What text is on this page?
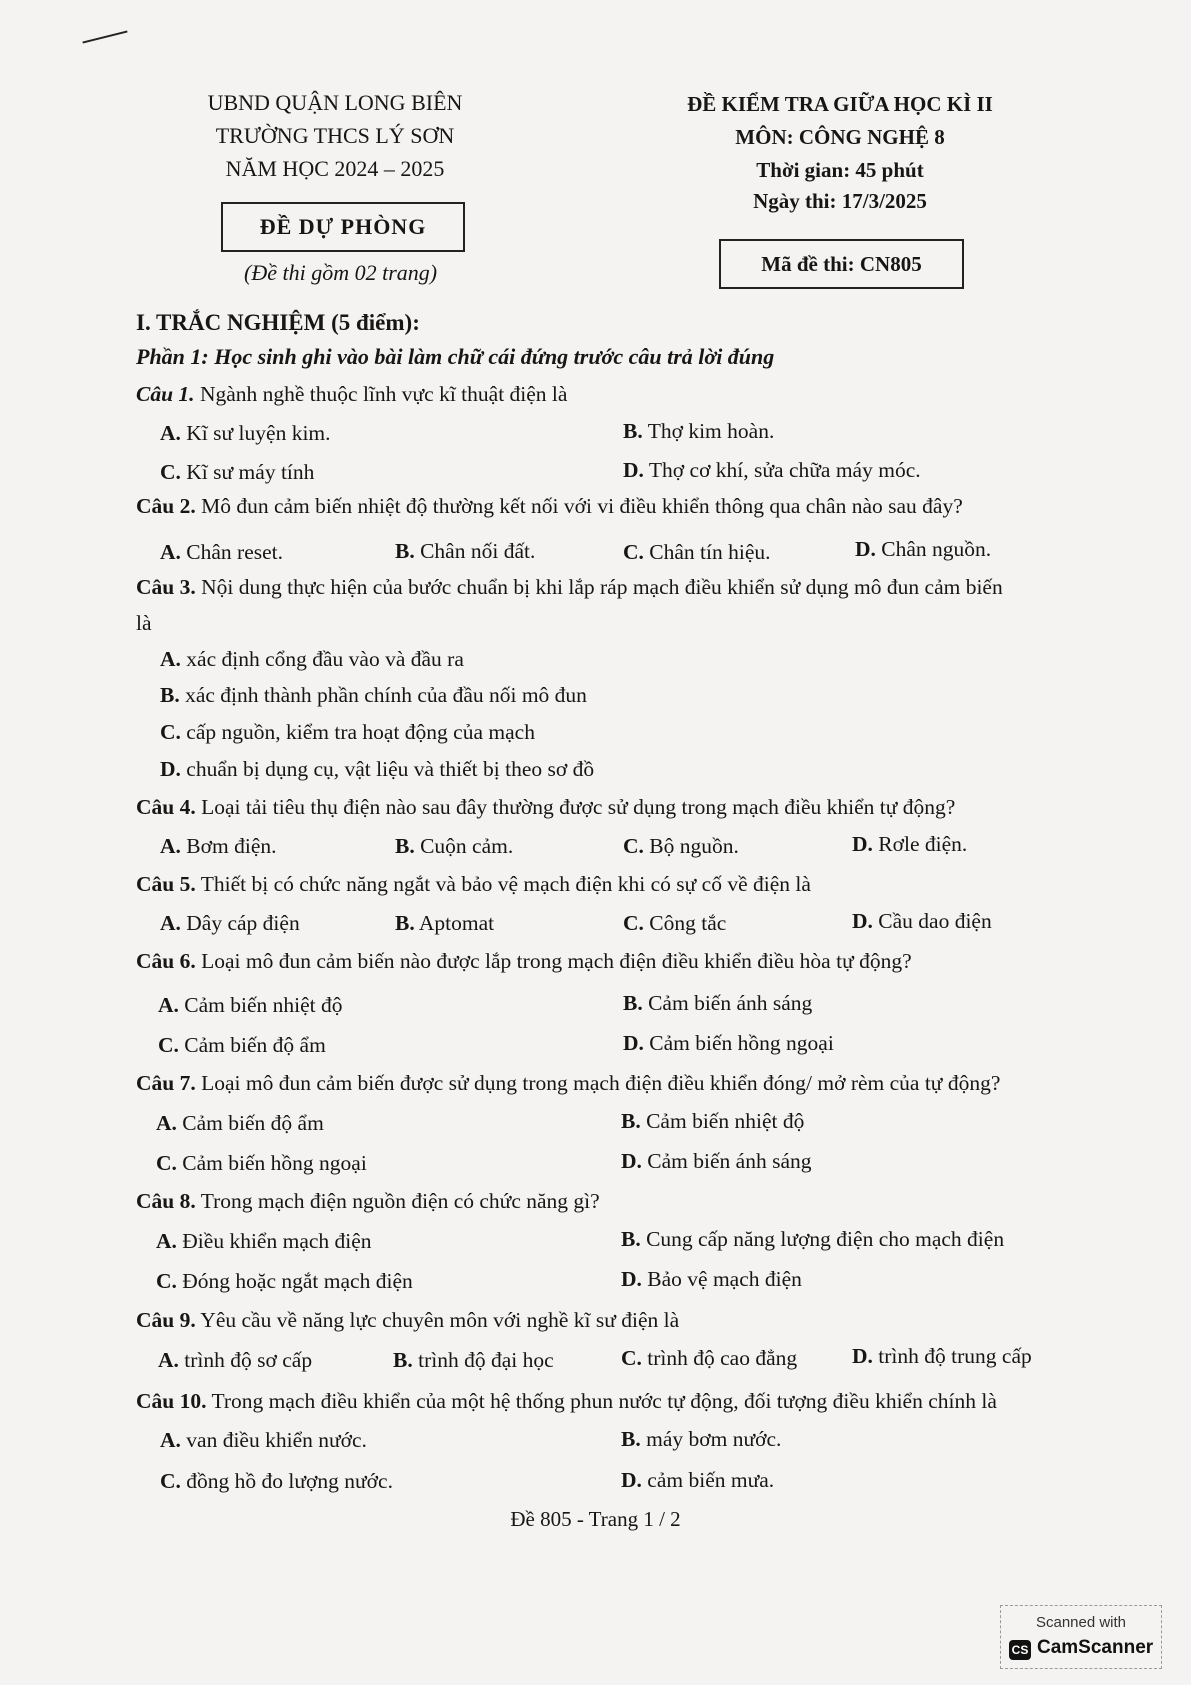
UBND QUẬN LONG BIÊN
TRƯỜNG THCS LÝ SƠN
NĂM HỌC 2024 – 2025
ĐỀ KIỂM TRA GIỮA HỌC KÌ II
MÔN: CÔNG NGHỆ 8
Thời gian: 45 phút
Ngày thi: 17/3/2025
ĐỀ DỰ PHÒNG
(Đề thi gồm 02 trang)	Mã đề thi: CN805
I. TRẮC NGHIỆM (5 điểm):
Phần 1: Học sinh ghi vào bài làm chữ cái đứng trước câu trả lời đúng
Câu 1. Ngành nghề thuộc lĩnh vực kĩ thuật điện là
A. Kĩ sư luyện kim.	B. Thợ kim hoàn.
C. Kĩ sư máy tính	D. Thợ cơ khí, sửa chữa máy móc.
Câu 2. Mô đun cảm biến nhiệt độ thường kết nối với vi điều khiển thông qua chân nào sau đây?
A. Chân reset.	B. Chân nối đất.	C. Chân tín hiệu.	D. Chân nguồn.
Câu 3. Nội dung thực hiện của bước chuẩn bị khi lắp ráp mạch điều khiển sử dụng mô đun cảm biến
là
A. xác định cổng đầu vào và đầu ra
B. xác định thành phần chính của đầu nối mô đun
C. cấp nguồn, kiểm tra hoạt động của mạch
D. chuẩn bị dụng cụ, vật liệu và thiết bị theo sơ đồ
Câu 4. Loại tải tiêu thụ điện nào sau đây thường được sử dụng trong mạch điều khiển tự động?
A. Bơm điện.	B. Cuộn cảm.	C. Bộ nguồn.	D. Rơle điện.
Câu 5. Thiết bị có chức năng ngắt và bảo vệ mạch điện khi có sự cố về điện là
A. Dây cáp điện	B. Aptomat	C. Công tắc	D. Cầu dao điện
Câu 6. Loại mô đun cảm biến nào được lắp trong mạch điện điều khiển điều hòa tự động?
A. Cảm biến nhiệt độ	B. Cảm biến ánh sáng
C. Cảm biến độ ẩm	D. Cảm biến hồng ngoại
Câu 7. Loại mô đun cảm biến được sử dụng trong mạch điện điều khiển đóng/ mở rèm của tự động?
A. Cảm biến độ ẩm	B. Cảm biến nhiệt độ
C. Cảm biến hồng ngoại	D. Cảm biến ánh sáng
Câu 8. Trong mạch điện nguồn điện có chức năng gì?
A. Điều khiển mạch điện	B. Cung cấp năng lượng điện cho mạch điện
C. Đóng hoặc ngắt mạch điện	D. Bảo vệ mạch điện
Câu 9. Yêu cầu về năng lực chuyên môn với nghề kĩ sư điện là
A. trình độ sơ cấp	B. trình độ đại học	C. trình độ cao đẳng	D. trình độ trung cấp
Câu 10. Trong mạch điều khiển của một hệ thống phun nước tự động, đối tượng điều khiển chính là
A. van điều khiển nước.	B. máy bơm nước.
C. đồng hồ đo lượng nước.	D. cảm biến mưa.
Đề 805 - Trang 1 / 2
Scanned with
CS CamScanner
